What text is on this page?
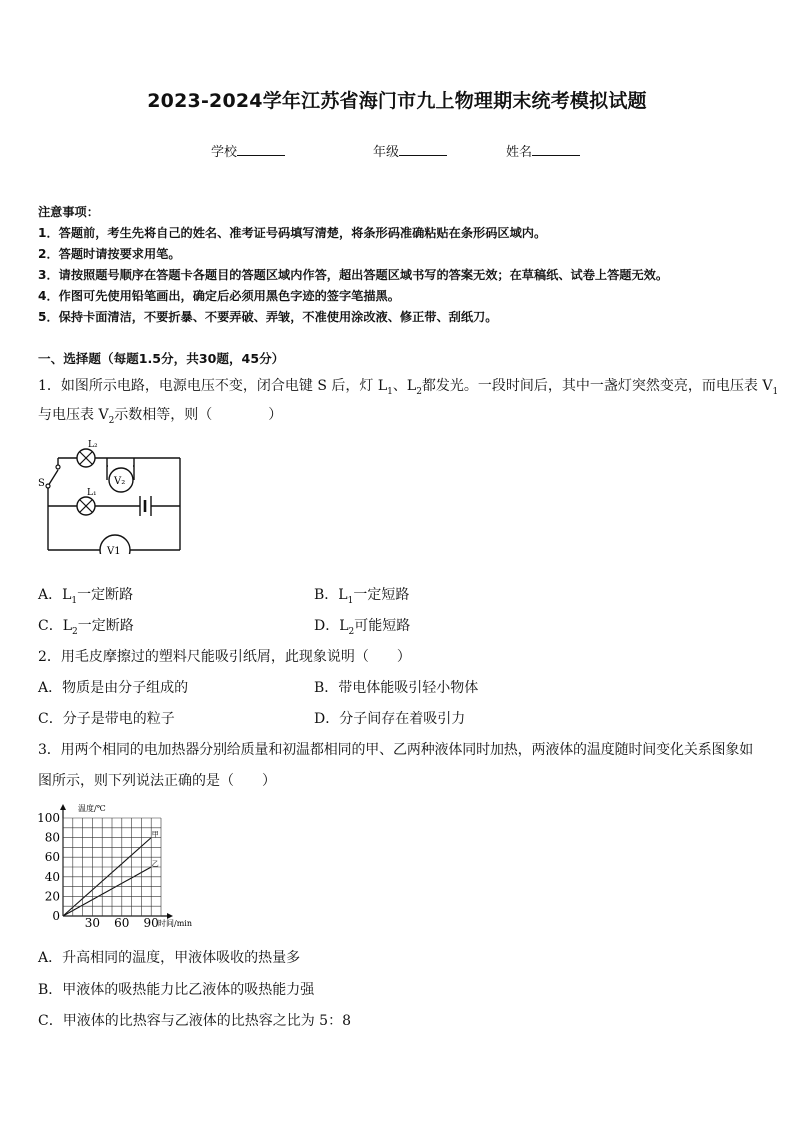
2023-2024学年江苏省海门市九上物理期末统考模拟试题
学校	年级	姓名
注意事项：
1．答题前，考生先将自己的姓名、准考证号码填写清楚，将条形码准确粘贴在条形码区域内。
2．答题时请按要求用笔。
3．请按照题号顺序在答题卡各题目的答题区域内作答，超出答题区域书写的答案无效；在草稿纸、试卷上答题无效。
4．作图可先使用铅笔画出，确定后必须用黑色字迹的签字笔描黑。
5．保持卡面清洁，不要折暴、不要弄破、弄皱，不准使用涂改液、修正带、刮纸刀。
一、选择题（每题1.5分，共30题，45分）
1．如图所示电路，电源电压不变，闭合电键 S 后，灯 $L_1$、$L_2$都发光。一段时间后，其中一盏灯突然变亮，而电压表 $V_1$
与电压表 $V_2$示数相等，则（　　　　）
S
L₂
V₂
L₁
V1
A．$L_1$一定断路	B．$L_1$一定短路
C．$L_2$一定断路	D．$L_2$可能短路
2．用毛皮摩擦过的塑料尺能吸引纸屑，此现象说明（　　）
A．物质是由分子组成的	B．带电体能吸引轻小物体
C．分子是带电的粒子	D．分子间存在着吸引力
3．用两个相同的电加热器分别给质量和初温都相同的甲、乙两种液体同时加热，两液体的温度随时间变化关系图象如
图所示，则下列说法正确的是（　　）
90
60
30
0
20
40
60
80
100
乙
甲
温度/℃
时间/min
A．升高相同的温度，甲液体吸收的热量多
B．甲液体的吸热能力比乙液体的吸热能力强
C．甲液体的比热容与乙液体的比热容之比为 5：8
